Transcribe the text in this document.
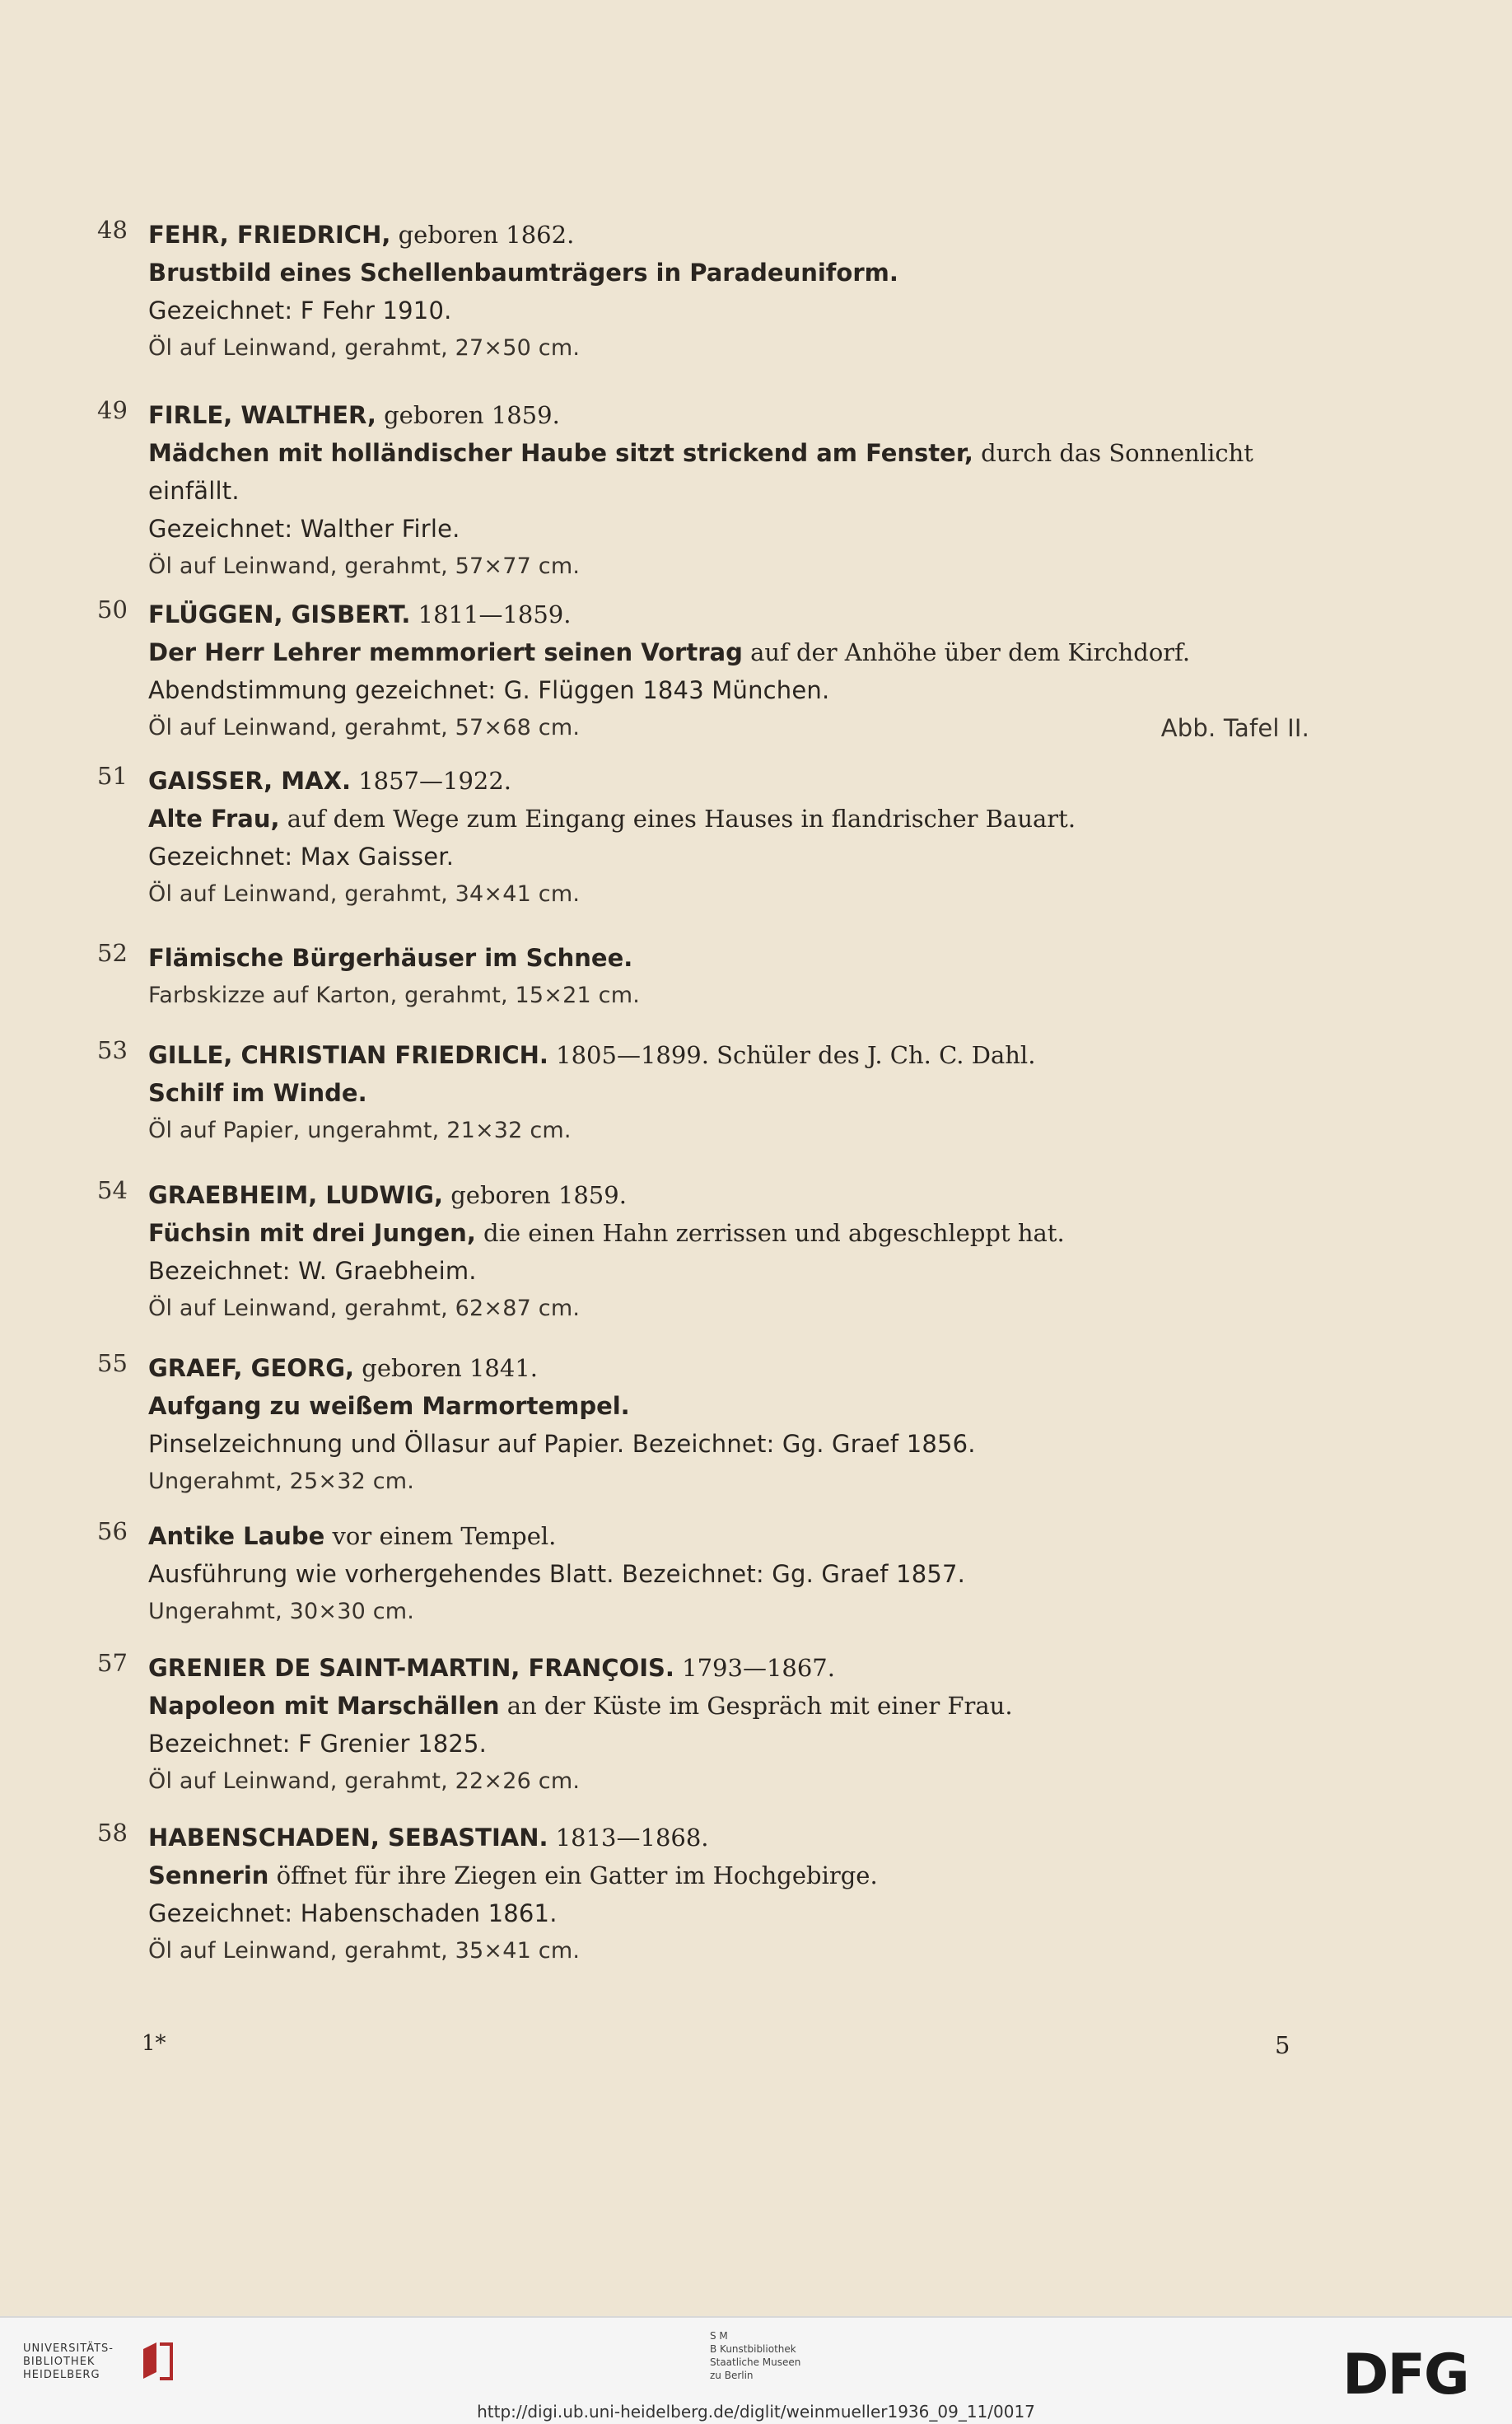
48 FEHR, FRIEDRICH, geboren 1862.
Brustbild eines Schellenbaumträgers in Paradeuniform.
Gezeichnet: F Fehr 1910.
Öl auf Leinwand, gerahmt, 27×50 cm.
49 FIRLE, WALTHER, geboren 1859.
Mädchen mit holländischer Haube sitzt strickend am Fenster, durch das Sonnenlicht
einfällt.
Gezeichnet: Walther Firle.
Öl auf Leinwand, gerahmt, 57×77 cm.
50 FLÜGGEN, GISBERT. 1811—1859.
Der Herr Lehrer memmoriert seinen Vortrag auf der Anhöhe über dem Kirchdorf.
Abendstimmung gezeichnet: G. Flüggen 1843 München.
Öl auf Leinwand, gerahmt, 57×68 cm.	Abb. Tafel II.
51 GAISSER, MAX. 1857—1922.
Alte Frau, auf dem Wege zum Eingang eines Hauses in flandrischer Bauart.
Gezeichnet: Max Gaisser.
Öl auf Leinwand, gerahmt, 34×41 cm.
52 Flämische Bürgerhäuser im Schnee.
Farbskizze auf Karton, gerahmt, 15×21 cm.
53 GILLE, CHRISTIAN FRIEDRICH. 1805—1899. Schüler des J. Ch. C. Dahl.
Schilf im Winde.
Öl auf Papier, ungerahmt, 21×32 cm.
54 GRAEBHEIM, LUDWIG, geboren 1859.
Füchsin mit drei Jungen, die einen Hahn zerrissen und abgeschleppt hat.
Bezeichnet: W. Graebheim.
Öl auf Leinwand, gerahmt, 62×87 cm.
55 GRAEF, GEORG, geboren 1841.
Aufgang zu weißem Marmortempel.
Pinselzeichnung und Öllasur auf Papier. Bezeichnet: Gg. Graef 1856.
Ungerahmt, 25×32 cm.
56 Antike Laube vor einem Tempel.
Ausführung wie vorhergehendes Blatt. Bezeichnet: Gg. Graef 1857.
Ungerahmt, 30×30 cm.
57 GRENIER DE SAINT-MARTIN, FRANÇOIS. 1793—1867.
Napoleon mit Marschällen an der Küste im Gespräch mit einer Frau.
Bezeichnet: F Grenier 1825.
Öl auf Leinwand, gerahmt, 22×26 cm.
58 HABENSCHADEN, SEBASTIAN. 1813—1868.
Sennerin öffnet für ihre Ziegen ein Gatter im Hochgebirge.
Gezeichnet: Habenschaden 1861.
Öl auf Leinwand, gerahmt, 35×41 cm.
1*	5
UNIVERSITÄTS-
BIBLIOTHEK
HEIDELBERG
S M
B Kunstbibliothek
Staatliche Museen
zu Berlin	DFG
http://digi.ub.uni-heidelberg.de/diglit/weinmueller1936_09_11/0017
